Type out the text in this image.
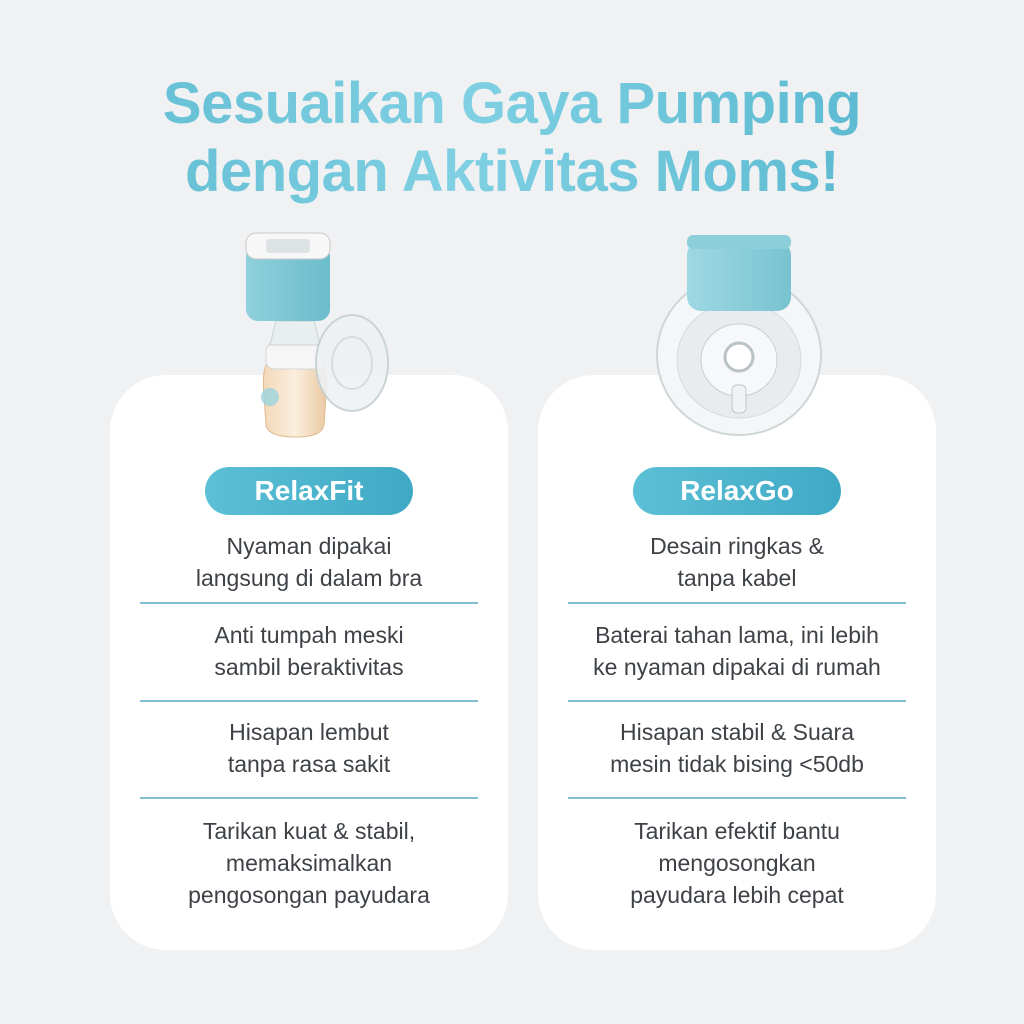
Sesuaikan Gaya Pumping
dengan Aktivitas Moms!
RelaxFit
Nyaman dipakai
langsung di dalam bra
Anti tumpah meski
sambil beraktivitas
Hisapan lembut
tanpa rasa sakit
Tarikan kuat & stabil,
memaksimalkan
pengosongan payudara
RelaxGo
Desain ringkas &
tanpa kabel
Baterai tahan lama, ini lebih
ke nyaman dipakai di rumah
Hisapan stabil & Suara
mesin tidak bising <50db
Tarikan efektif bantu
mengosongkan
payudara lebih cepat
